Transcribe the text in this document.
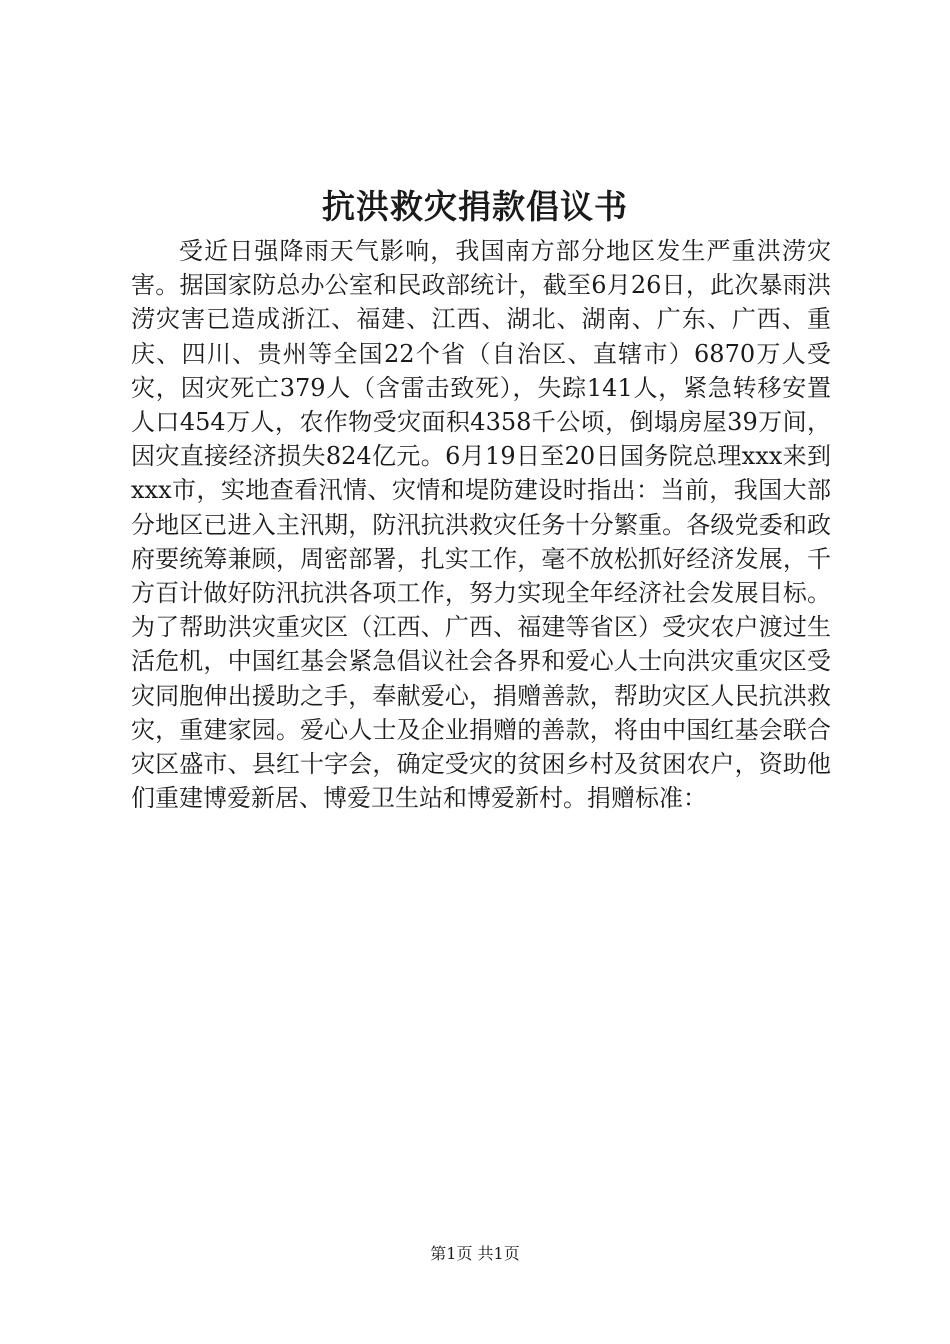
抗洪救灾捐款倡议书

受近日强降雨天气影响，我国南方部分地区发生严重洪涝灾害。据国家防总办公室和民政部统计，截至6月26日，此次暴雨洪涝灾害已造成浙江、福建、江西、湖北、湖南、广东、广西、重庆、四川、贵州等全国22个省（自治区、直辖市）6870万人受灾，因灾死亡379人（含雷击致死），失踪141人，紧急转移安置人口454万人，农作物受灾面积4358千公顷，倒塌房屋39万间，因灾直接经济损失824亿元。6月19日至20日国务院总理xxx来到xxx市，实地查看汛情、灾情和堤防建设时指出：当前，我国大部分地区已进入主汛期，防汛抗洪救灾任务十分繁重。各级党委和政府要统筹兼顾，周密部署，扎实工作，毫不放松抓好经济发展，千方百计做好防汛抗洪各项工作，努力实现全年经济社会发展目标。为了帮助洪灾重灾区（江西、广西、福建等省区）受灾农户渡过生活危机，中国红基会紧急倡议社会各界和爱心人士向洪灾重灾区受灾同胞伸出援助之手，奉献爱心，捐赠善款，帮助灾区人民抗洪救灾，重建家园。爱心人士及企业捐赠的善款，将由中国红基会联合灾区盛市、县红十字会，确定受灾的贫困乡村及贫困农户，资助他们重建博爱新居、博爱卫生站和博爱新村。捐赠标准：

第1页 共1页
